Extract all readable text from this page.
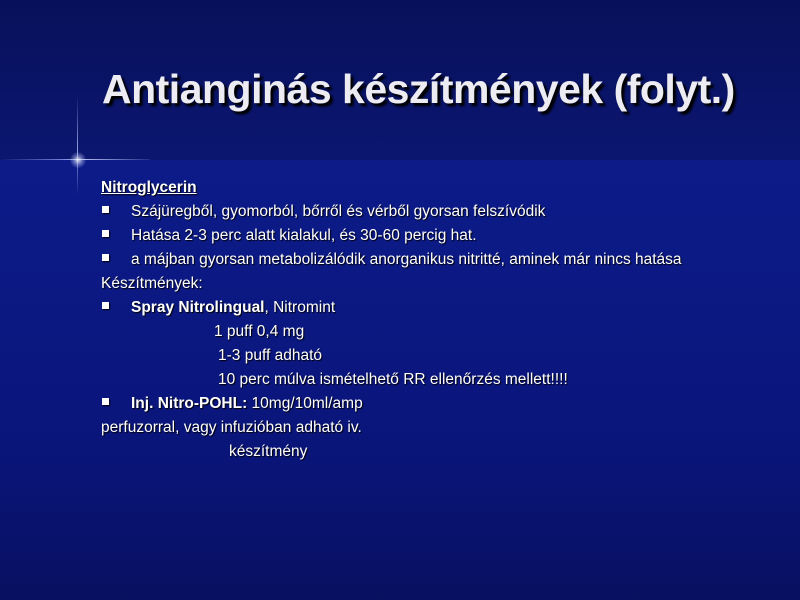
Antianginás készítmények (folyt.)
Nitroglycerin
Szájüregből, gyomorból, bőrről és vérből gyorsan felszívódik
Hatása 2-3 perc alatt kialakul, és 30-60 percig hat.
a májban gyorsan metabolizálódik anorganikus nitritté, aminek már nincs hatása
Készítmények:
Spray Nitrolingual, Nitromint
1 puff 0,4 mg
1-3 puff adható
10 perc múlva ismételhető RR ellenőrzés mellett!!!!
Inj. Nitro-POHL: 10mg/10ml/amp
perfuzorral, vagy infuzióban adható iv.
készítmény
